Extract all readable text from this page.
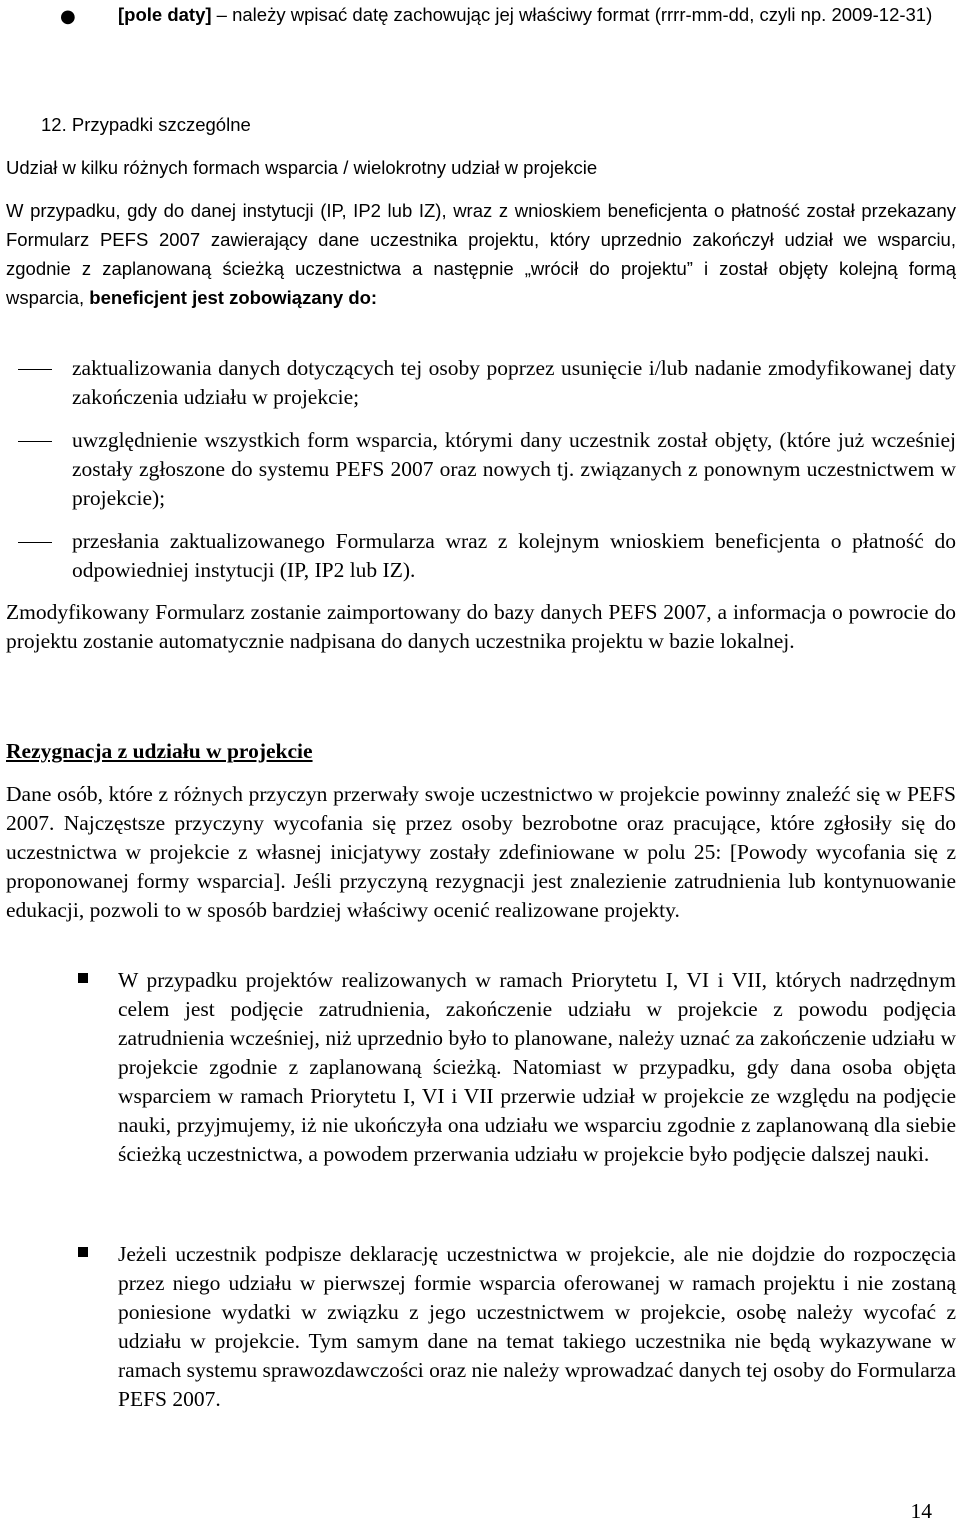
● [pole daty] – należy wpisać datę zachowując jej właściwy format (rrrr-mm-dd, czyli np. 2009-12-31)
12. Przypadki szczególne
Udział w kilku różnych formach wsparcia / wielokrotny udział w projekcie
W przypadku, gdy do danej instytucji (IP, IP2 lub IZ), wraz z wnioskiem beneficjenta o płatność został przekazany Formularz PEFS 2007 zawierający dane uczestnika projektu, który uprzednio zakończył udział we wsparciu, zgodnie z zaplanowaną ścieżką uczestnictwa a następnie „wrócił do projektu” i został objęty kolejną formą wsparcia, beneficjent jest zobowiązany do:
zaktualizowania danych dotyczących tej osoby poprzez usunięcie i/lub nadanie zmodyfikowanej daty zakończenia udziału w projekcie;
uwzględnienie wszystkich form wsparcia, którymi dany uczestnik został objęty, (które już wcześniej zostały zgłoszone do systemu PEFS 2007 oraz nowych tj. związanych z ponownym uczestnictwem w projekcie);
przesłania zaktualizowanego Formularza wraz z kolejnym wnioskiem beneficjenta o płatność do odpowiedniej instytucji (IP, IP2 lub IZ).
Zmodyfikowany Formularz zostanie zaimportowany do bazy danych PEFS 2007, a informacja o powrocie do projektu zostanie automatycznie nadpisana do danych uczestnika projektu w bazie lokalnej.
Rezygnacja z udziału w projekcie
Dane osób, które z różnych przyczyn przerwały swoje uczestnictwo w projekcie powinny znaleźć się w PEFS 2007. Najczęstsze przyczyny wycofania się przez osoby bezrobotne oraz pracujące, które zgłosiły się do uczestnictwa w projekcie z własnej inicjatywy zostały zdefiniowane w polu 25: [Powody wycofania się z proponowanej formy wsparcia]. Jeśli przyczyną rezygnacji jest znalezienie zatrudnienia lub kontynuowanie edukacji, pozwoli to w sposób bardziej właściwy ocenić realizowane projekty.
W przypadku projektów realizowanych w ramach Priorytetu I, VI i VII, których nadrzędnym celem jest podjęcie zatrudnienia, zakończenie udziału w projekcie z powodu podjęcia zatrudnienia wcześniej, niż uprzednio było to planowane, należy uznać za zakończenie udziału w projekcie zgodnie z zaplanowaną ścieżką. Natomiast w przypadku, gdy dana osoba objęta wsparciem w ramach Priorytetu I, VI i VII przerwie udział w projekcie ze względu na podjęcie nauki, przyjmujemy, iż nie ukończyła ona udziału we wsparciu zgodnie z zaplanowaną dla siebie ścieżką uczestnictwa, a powodem przerwania udziału w projekcie było podjęcie dalszej nauki.
Jeżeli uczestnik podpisze deklarację uczestnictwa w projekcie, ale nie dojdzie do rozpoczęcia przez niego udziału w pierwszej formie wsparcia oferowanej w ramach projektu i nie zostaną poniesione wydatki w związku z jego uczestnictwem w projekcie, osobę należy wycofać z udziału w projekcie. Tym samym dane na temat takiego uczestnika nie będą wykazywane w ramach systemu sprawozdawczości oraz nie należy wprowadzać danych tej osoby do Formularza PEFS 2007.
14
